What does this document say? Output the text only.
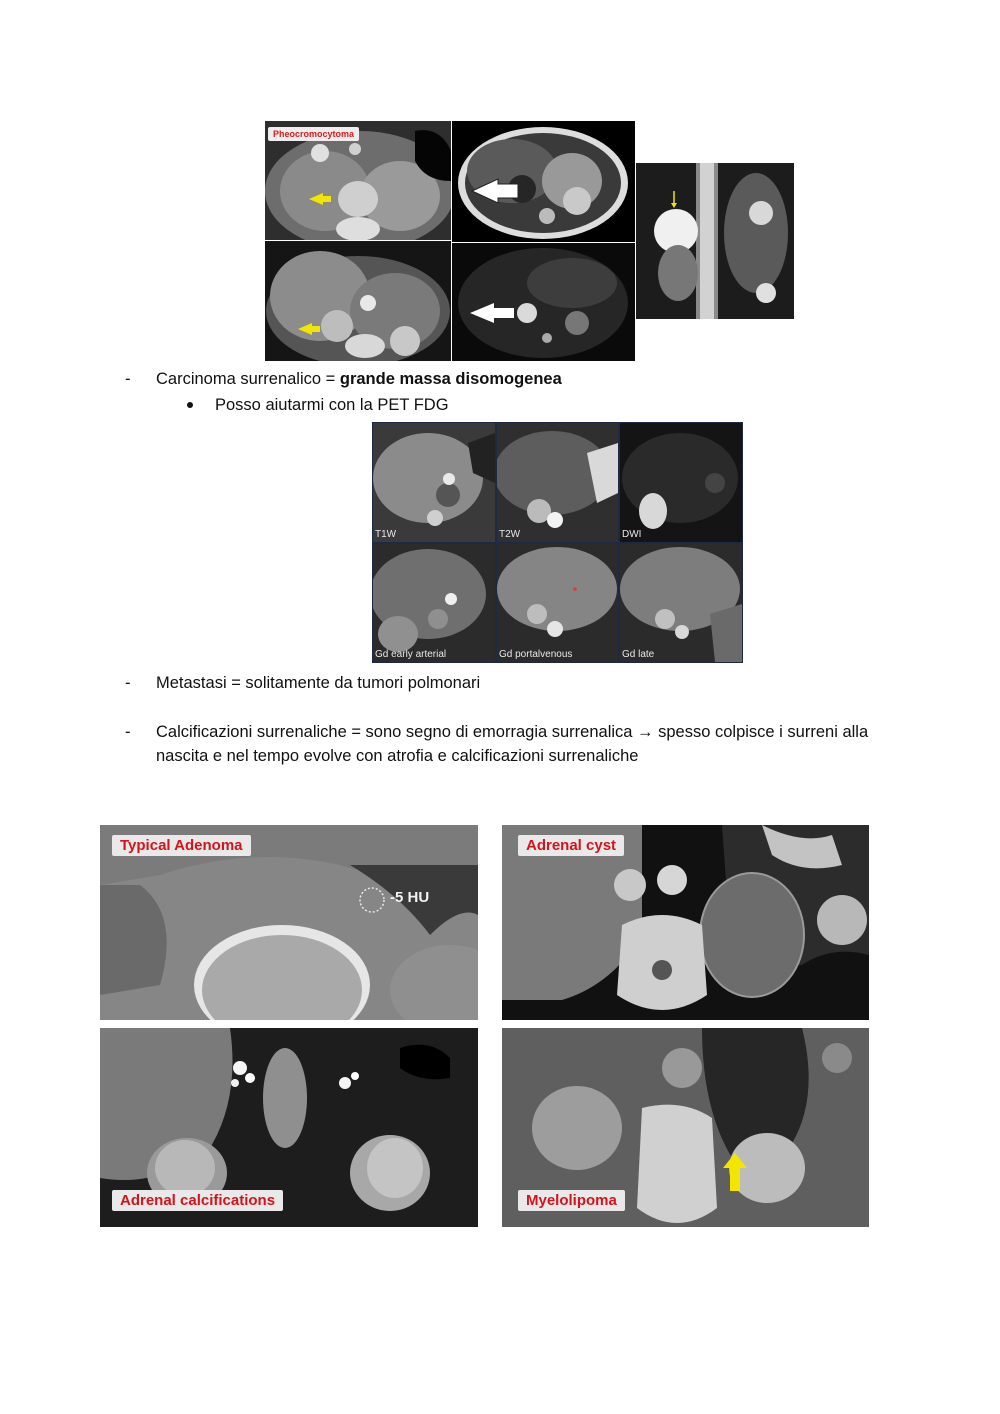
Pheocromocytoma
- Carcinoma surrenalico = grande massa disomogenea
Posso aiutarmi con la PET FDG
T1W	T2W	DWI
Gd early arterial	Gd portalvenous	Gd late
- Metastasi = solitamente da tumori polmonari
- Calcificazioni surrenaliche = sono segno di emorragia surrenalica → spesso colpisce i surreni alla
nascita e nel tempo evolve con atrofia e calcificazioni surrenaliche
Typical Adenoma
-5 HU
Adrenal cyst
Adrenal calcifications	Myelolipoma
